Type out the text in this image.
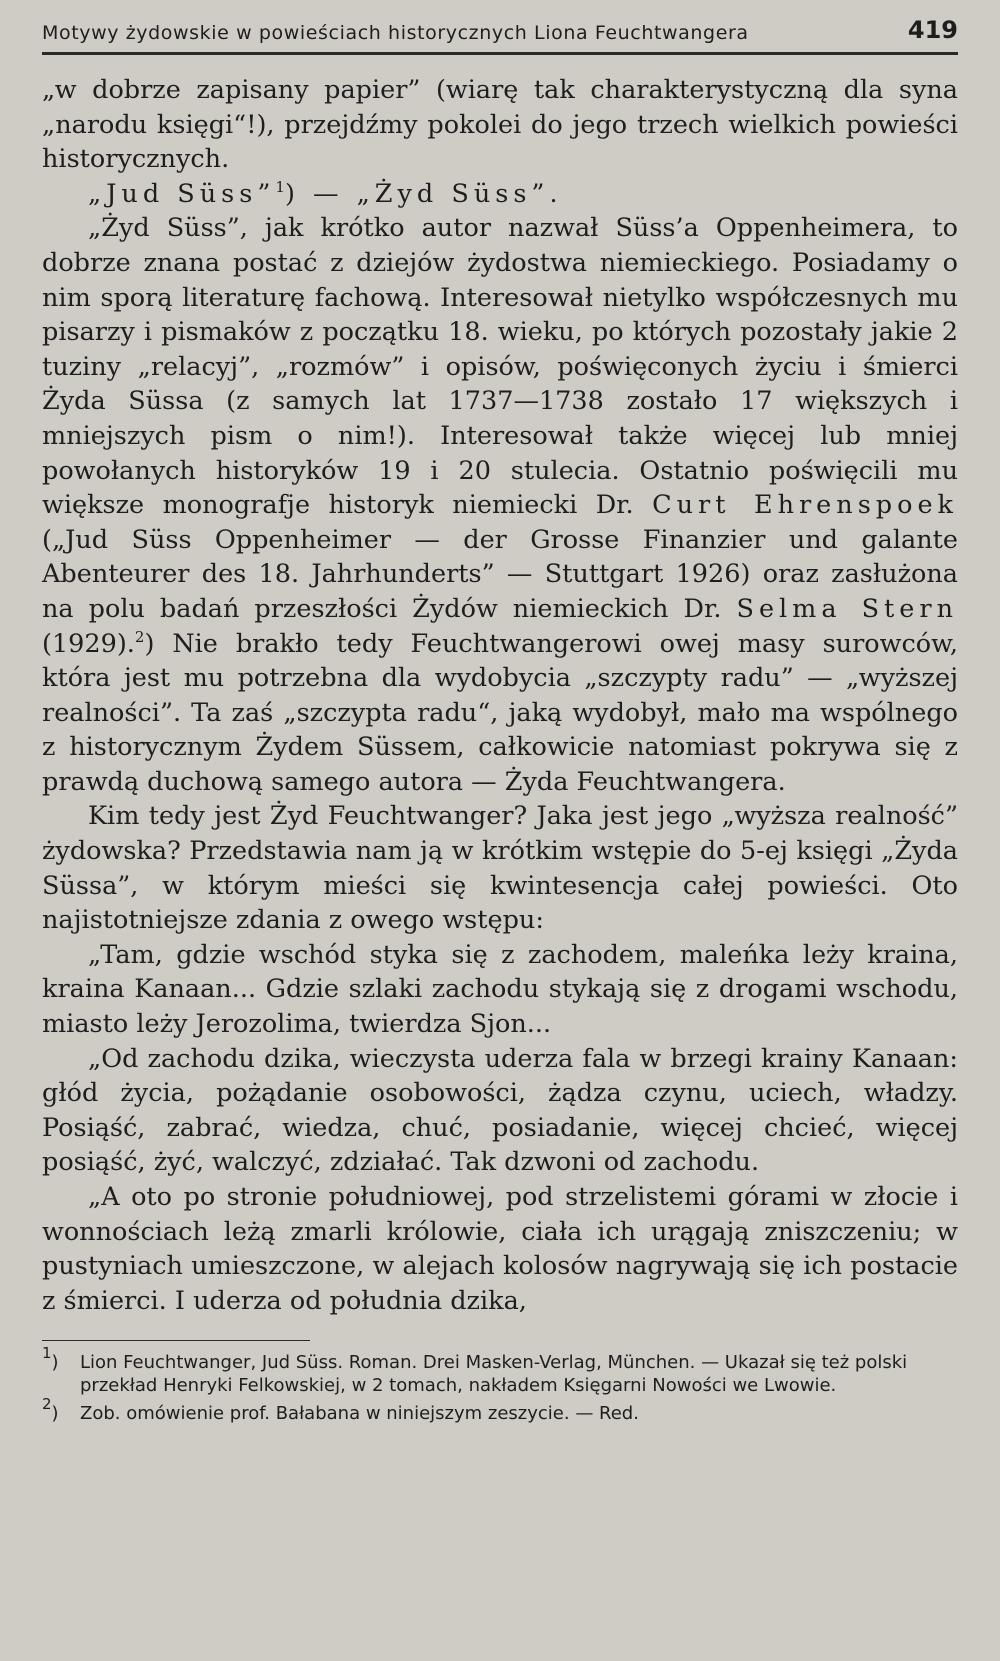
Motywy żydowskie w powieściach historycznych Liona Feuchtwangera	419

„w dobrze zapisany papier” (wiarę tak charakterystyczną dla syna „narodu księgi“!), przejdźmy pokolei do jego trzech wielkich powieści historycznych.

„Jud Süss”$^1$) — „Żyd Süss”.

„Żyd Süss”, jak krótko autor nazwał Süss’a Oppenheimera, to dobrze znana postać z dziejów żydostwa niemieckiego. Posiadamy o nim sporą literaturę fachową. Interesował nietylko współczesnych mu pisarzy i pismaków z początku 18. wieku, po których pozostały jakie 2 tuziny „relacyj”, „rozmów” i opisów, poświęconych życiu i śmierci Żyda Süssa (z samych lat 1737—1738 zostało 17 większych i mniejszych pism o nim!). Interesował także więcej lub mniej powołanych historyków 19 i 20 stulecia. Ostatnio poświęcili mu większe monografje historyk niemiecki Dr. Curt Ehrenspoek („Jud Süss Oppenheimer — der Grosse Finanzier und galante Abenteurer des 18. Jahrhunderts” — Stuttgart 1926) oraz zasłużona na polu badań przeszłości Żydów niemieckich Dr. Selma Stern (1929).$^2$) Nie brakło tedy Feuchtwangerowi owej masy surowców, która jest mu potrzebna dla wydobycia „szczypty radu” — „wyższej realności”. Ta zaś „szczypta radu“, jaką wydobył, mało ma wspólnego z historycznym Żydem Süssem, całkowicie natomiast pokrywa się z prawdą duchową samego autora — Żyda Feuchtwangera.

Kim tedy jest Żyd Feuchtwanger? Jaka jest jego „wyższa realność” żydowska? Przedstawia nam ją w krótkim wstępie do 5-ej księgi „Żyda Süssa”, w którym mieści się kwintesencja całej powieści. Oto najistotniejsze zdania z owego wstępu:

„Tam, gdzie wschód styka się z zachodem, maleńka leży kraina, kraina Kanaan... Gdzie szlaki zachodu stykają się z drogami wschodu, miasto leży Jerozolima, twierdza Sjon...

„Od zachodu dzika, wieczysta uderza fala w brzegi krainy Kanaan: głód życia, pożądanie osobowości, żądza czynu, uciech, władzy. Posiąść, zabrać, wiedza, chuć, posiadanie, więcej chcieć, więcej posiąść, żyć, walczyć, zdziałać. Tak dzwoni od zachodu.

„A oto po stronie południowej, pod strzelistemi górami w złocie i wonnościach leżą zmarli królowie, ciała ich urągają zniszczeniu; w pustyniach umieszczone, w alejach kolosów nagrywają się ich postacie z śmierci. I uderza od południa dzika,

$^1$)	Lion Feuchtwanger, Jud Süss. Roman. Drei Masken-Verlag, München. — Ukazał się też polski przekład Henryki Felkowskiej, w 2 tomach, nakładem Księgarni Nowości we Lwowie.
$^2$)	Zob. omówienie prof. Bałabana w niniejszym zeszycie. — Red.
